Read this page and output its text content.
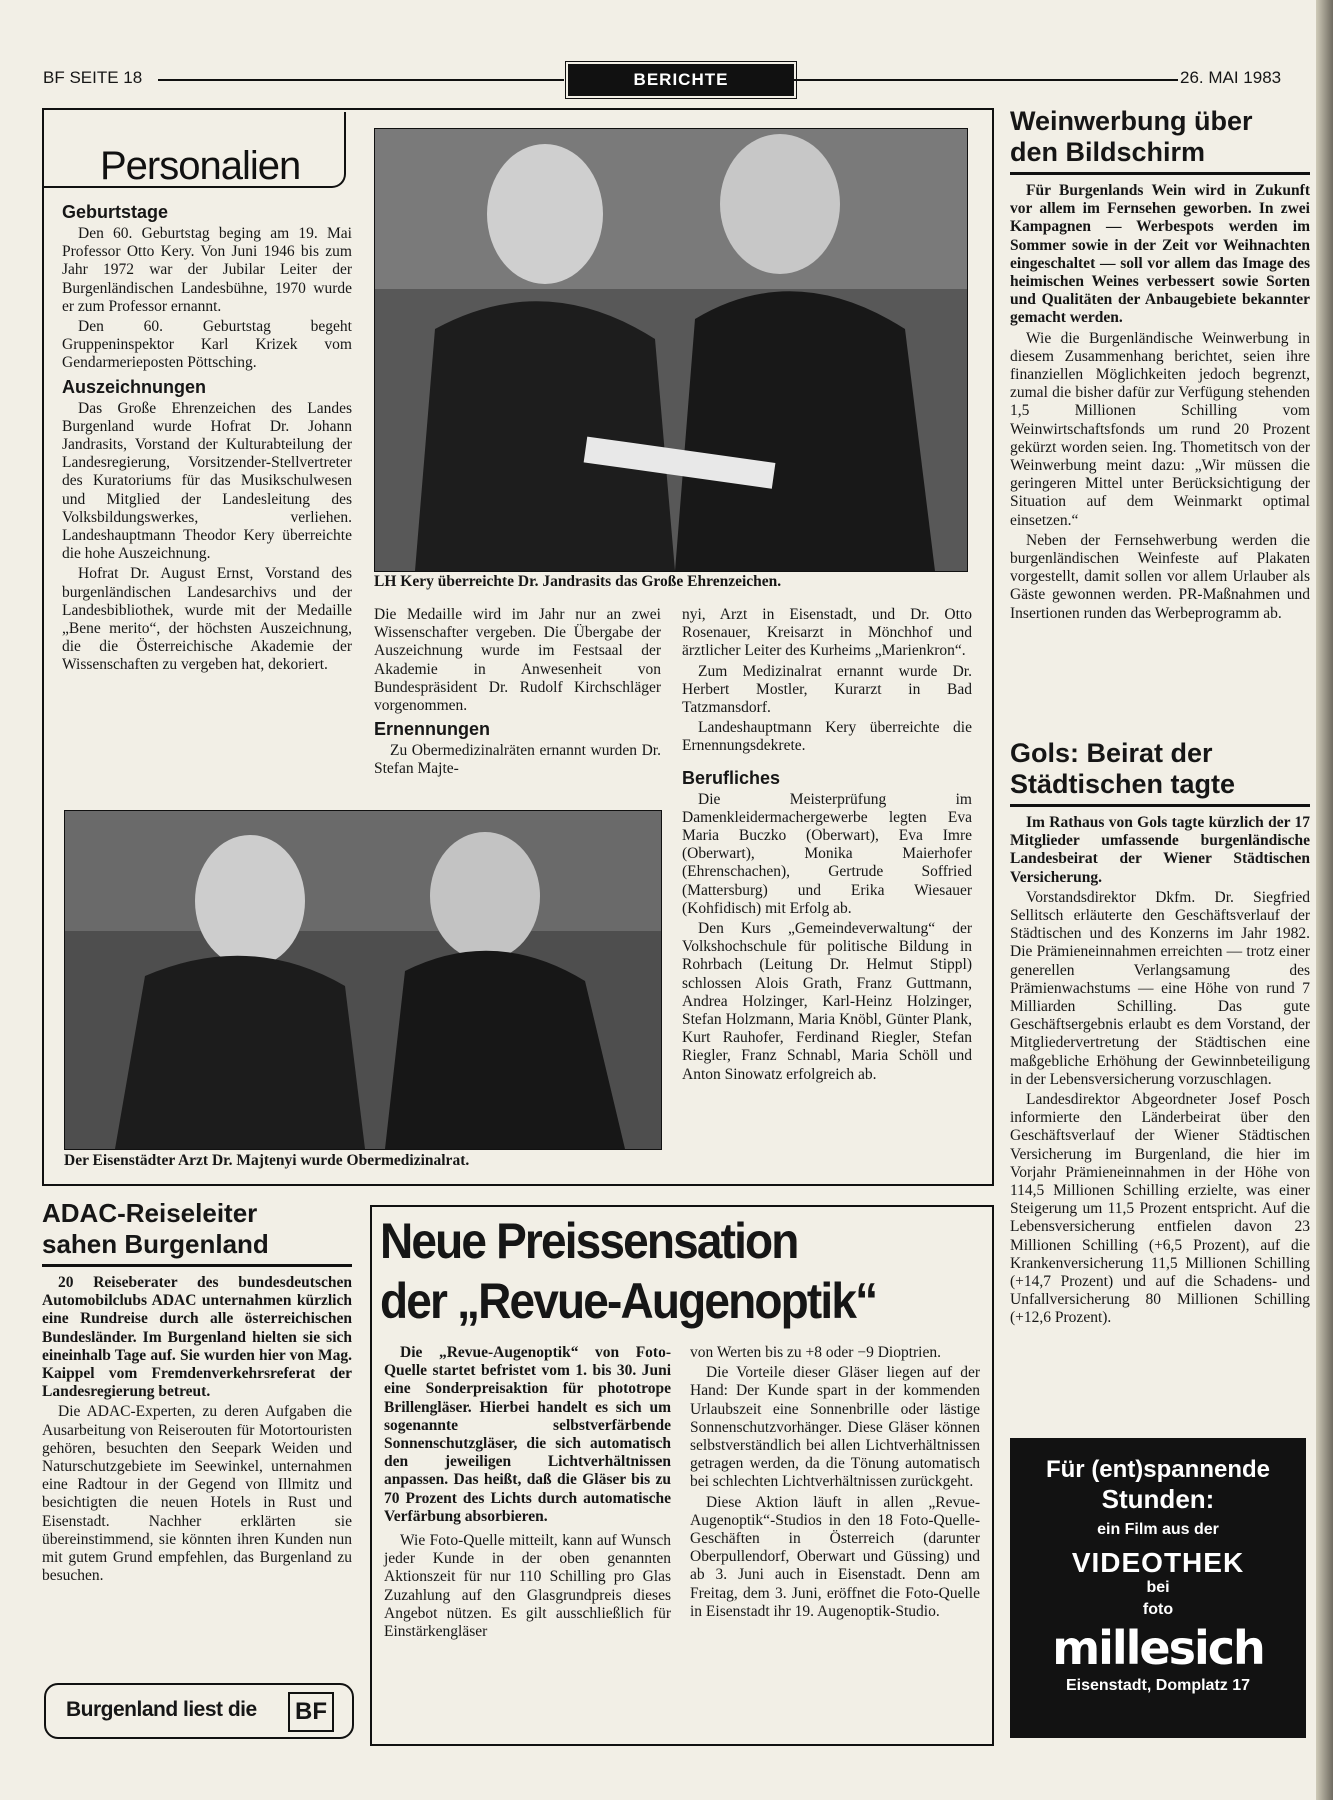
BF SEITE 18	BERICHTE	26. MAI 1983
Personalien
Geburtstage

Den 60. Geburtstag beging am 19. Mai Professor Otto Kery. Von Juni 1946 bis zum Jahr 1972 war der Jubilar Leiter der Burgenländischen Landesbühne, 1970 wurde er zum Professor ernannt.

Den 60. Geburtstag begeht Gruppeninspektor Karl Krizek vom Gendarmerieposten Pöttsching.

Auszeichnungen

Das Große Ehrenzeichen des Landes Burgenland wurde Hofrat Dr. Johann Jandrasits, Vorstand der Kulturabteilung der Landesregierung, Vorsitzender-Stellvertreter des Kuratoriums für das Musikschulwesen und Mitglied der Landesleitung des Volksbildungswerkes, verliehen. Landeshauptmann Theodor Kery überreichte die hohe Auszeichnung.

Hofrat Dr. August Ernst, Vorstand des burgenländischen Landesarchivs und der Landesbibliothek, wurde mit der Medaille „Bene merito“, der höchsten Auszeichnung, die die Österreichische Akademie der Wissenschaften zu vergeben hat, dekoriert.

LH Kery überreichte Dr. Jandrasits das Große Ehrenzeichen.

Die Medaille wird im Jahr nur an zwei Wissenschafter vergeben. Die Übergabe der Auszeichnung wurde im Festsaal der Akademie in Anwesenheit von Bundespräsident Dr. Rudolf Kirchschläger vorgenommen.

Ernennungen

Zu Obermedizinalräten ernannt wurden Dr. Stefan Majte-

nyi, Arzt in Eisenstadt, und Dr. Otto Rosenauer, Kreisarzt in Mönchhof und ärztlicher Leiter des Kurheims „Marienkron“.

Zum Medizinalrat ernannt wurde Dr. Herbert Mostler, Kurarzt in Bad Tatzmansdorf.

Landeshauptmann Kery überreichte die Ernennungsdekrete.

Berufliches

Die Meisterprüfung im Damenkleidermachergewerbe legten Eva Maria Buczko (Oberwart), Eva Imre (Oberwart), Monika Maierhofer (Ehrenschachen), Gertrude Soffried (Mattersburg) und Erika Wiesauer (Kohfidisch) mit Erfolg ab.

Den Kurs „Gemeindeverwaltung“ der Volkshochschule für politische Bildung in Rohrbach (Leitung Dr. Helmut Stippl) schlossen Alois Grath, Franz Guttmann, Andrea Holzinger, Karl-Heinz Holzinger, Stefan Holzmann, Maria Knöbl, Günter Plank, Kurt Rauhofer, Ferdinand Riegler, Stefan Riegler, Franz Schnabl, Maria Schöll und Anton Sinowatz erfolgreich ab.

Der Eisenstädter Arzt Dr. Majtenyi wurde Obermedizinalrat.

Weinwerbung über

den Bildschirm

Für Burgenlands Wein wird in Zukunft vor allem im Fernsehen geworben. In zwei Kampagnen — Werbespots werden im Sommer sowie in der Zeit vor Weihnachten eingeschaltet — soll vor allem das Image des heimischen Weines verbessert sowie Sorten und Qualitäten der Anbaugebiete bekannter gemacht werden.

Wie die Burgenländische Weinwerbung in diesem Zusammenhang berichtet, seien ihre finanziellen Möglichkeiten jedoch begrenzt, zumal die bisher dafür zur Verfügung stehenden 1,5 Millionen Schilling vom Weinwirtschaftsfonds um rund 20 Prozent gekürzt worden seien. Ing. Thometitsch von der Weinwerbung meint dazu: „Wir müssen die geringeren Mittel unter Berücksichtigung der Situation auf dem Weinmarkt optimal einsetzen.“

Neben der Fernsehwerbung werden die burgenländischen Weinfeste auf Plakaten vorgestellt, damit sollen vor allem Urlauber als Gäste gewonnen werden. PR-Maßnahmen und Insertionen runden das Werbeprogramm ab.

Gols: Beirat der

Städtischen tagte

Im Rathaus von Gols tagte kürzlich der 17 Mitglieder umfassende burgenländische Landesbeirat der Wiener Städtischen Versicherung.

Vorstandsdirektor Dkfm. Dr. Siegfried Sellitsch erläuterte den Geschäftsverlauf der Städtischen und des Konzerns im Jahr 1982. Die Prämieneinnahmen erreichten — trotz einer generellen Verlangsamung des Prämienwachstums — eine Höhe von rund 7 Milliarden Schilling. Das gute Geschäftsergebnis erlaubt es dem Vorstand, der Mitgliedervertretung der Städtischen eine maßgebliche Erhöhung der Gewinnbeteiligung in der Lebensversicherung vorzuschlagen.

Landesdirektor Abgeordneter Josef Posch informierte den Länderbeirat über den Geschäftsverlauf der Wiener Städtischen Versicherung im Burgenland, die hier im Vorjahr Prämieneinnahmen in der Höhe von 114,5 Millionen Schilling erzielte, was einer Steigerung um 11,5 Prozent entspricht. Auf die Lebensversicherung entfielen davon 23 Millionen Schilling (+6,5 Prozent), auf die Krankenversicherung 11,5 Millionen Schilling (+14,7 Prozent) und auf die Schadens- und Unfallversicherung 80 Millionen Schilling (+12,6 Prozent).

ADAC-Reiseleiter

sahen Burgenland

20 Reiseberater des bundesdeutschen Automobilclubs ADAC unternahmen kürzlich eine Rundreise durch alle österreichischen Bundesländer. Im Burgenland hielten sie sich eineinhalb Tage auf. Sie wurden hier von Mag. Kaippel vom Fremdenverkehrsreferat der Landesregierung betreut.

Die ADAC-Experten, zu deren Aufgaben die Ausarbeitung von Reiserouten für Motortouristen gehören, besuchten den Seepark Weiden und Naturschutzgebiete im Seewinkel, unternahmen eine Radtour in der Gegend von Illmitz und besichtigten die neuen Hotels in Rust und Eisenstadt. Nachher erklärten sie übereinstimmend, sie könnten ihren Kunden nun mit gutem Grund empfehlen, das Burgenland zu besuchen.

Burgenland liest die BF
Neue Preissensation
der „Revue-Augenoptik“

Die „Revue-Augenoptik“ von Foto-Quelle startet befristet vom 1. bis 30. Juni eine Sonderpreisaktion für phototrope Brillengläser. Hierbei handelt es sich um sogenannte selbstverfärbende Sonnenschutzgläser, die sich automatisch den jeweiligen Lichtverhältnissen anpassen. Das heißt, daß die Gläser bis zu 70 Prozent des Lichts durch automatische Verfärbung absorbieren.

Wie Foto-Quelle mitteilt, kann auf Wunsch jeder Kunde in der oben genannten Aktionszeit für nur 110 Schilling pro Glas Zuzahlung auf den Glasgrundpreis dieses Angebot nützen. Es gilt ausschließlich für Einstärkengläser

von Werten bis zu +8 oder −9 Dioptrien.

Die Vorteile dieser Gläser liegen auf der Hand: Der Kunde spart in der kommenden Urlaubszeit eine Sonnenbrille oder lästige Sonnenschutzvorhänger. Diese Gläser können selbstverständlich bei allen Lichtverhältnissen getragen werden, da die Tönung automatisch bei schlechten Lichtverhältnissen zurückgeht.

Diese Aktion läuft in allen „Revue-Augenoptik“-Studios in den 18 Foto-Quelle-Geschäften in Österreich (darunter Oberpullendorf, Oberwart und Güssing) und ab 3. Juni auch in Eisenstadt. Denn am Freitag, dem 3. Juni, eröffnet die Foto-Quelle in Eisenstadt ihr 19. Augenoptik-Studio.

Für (ent)spannende
Stunden:
ein Film aus der
VIDEOTHEK
bei
foto
millesich
Eisenstadt, Domplatz 17
